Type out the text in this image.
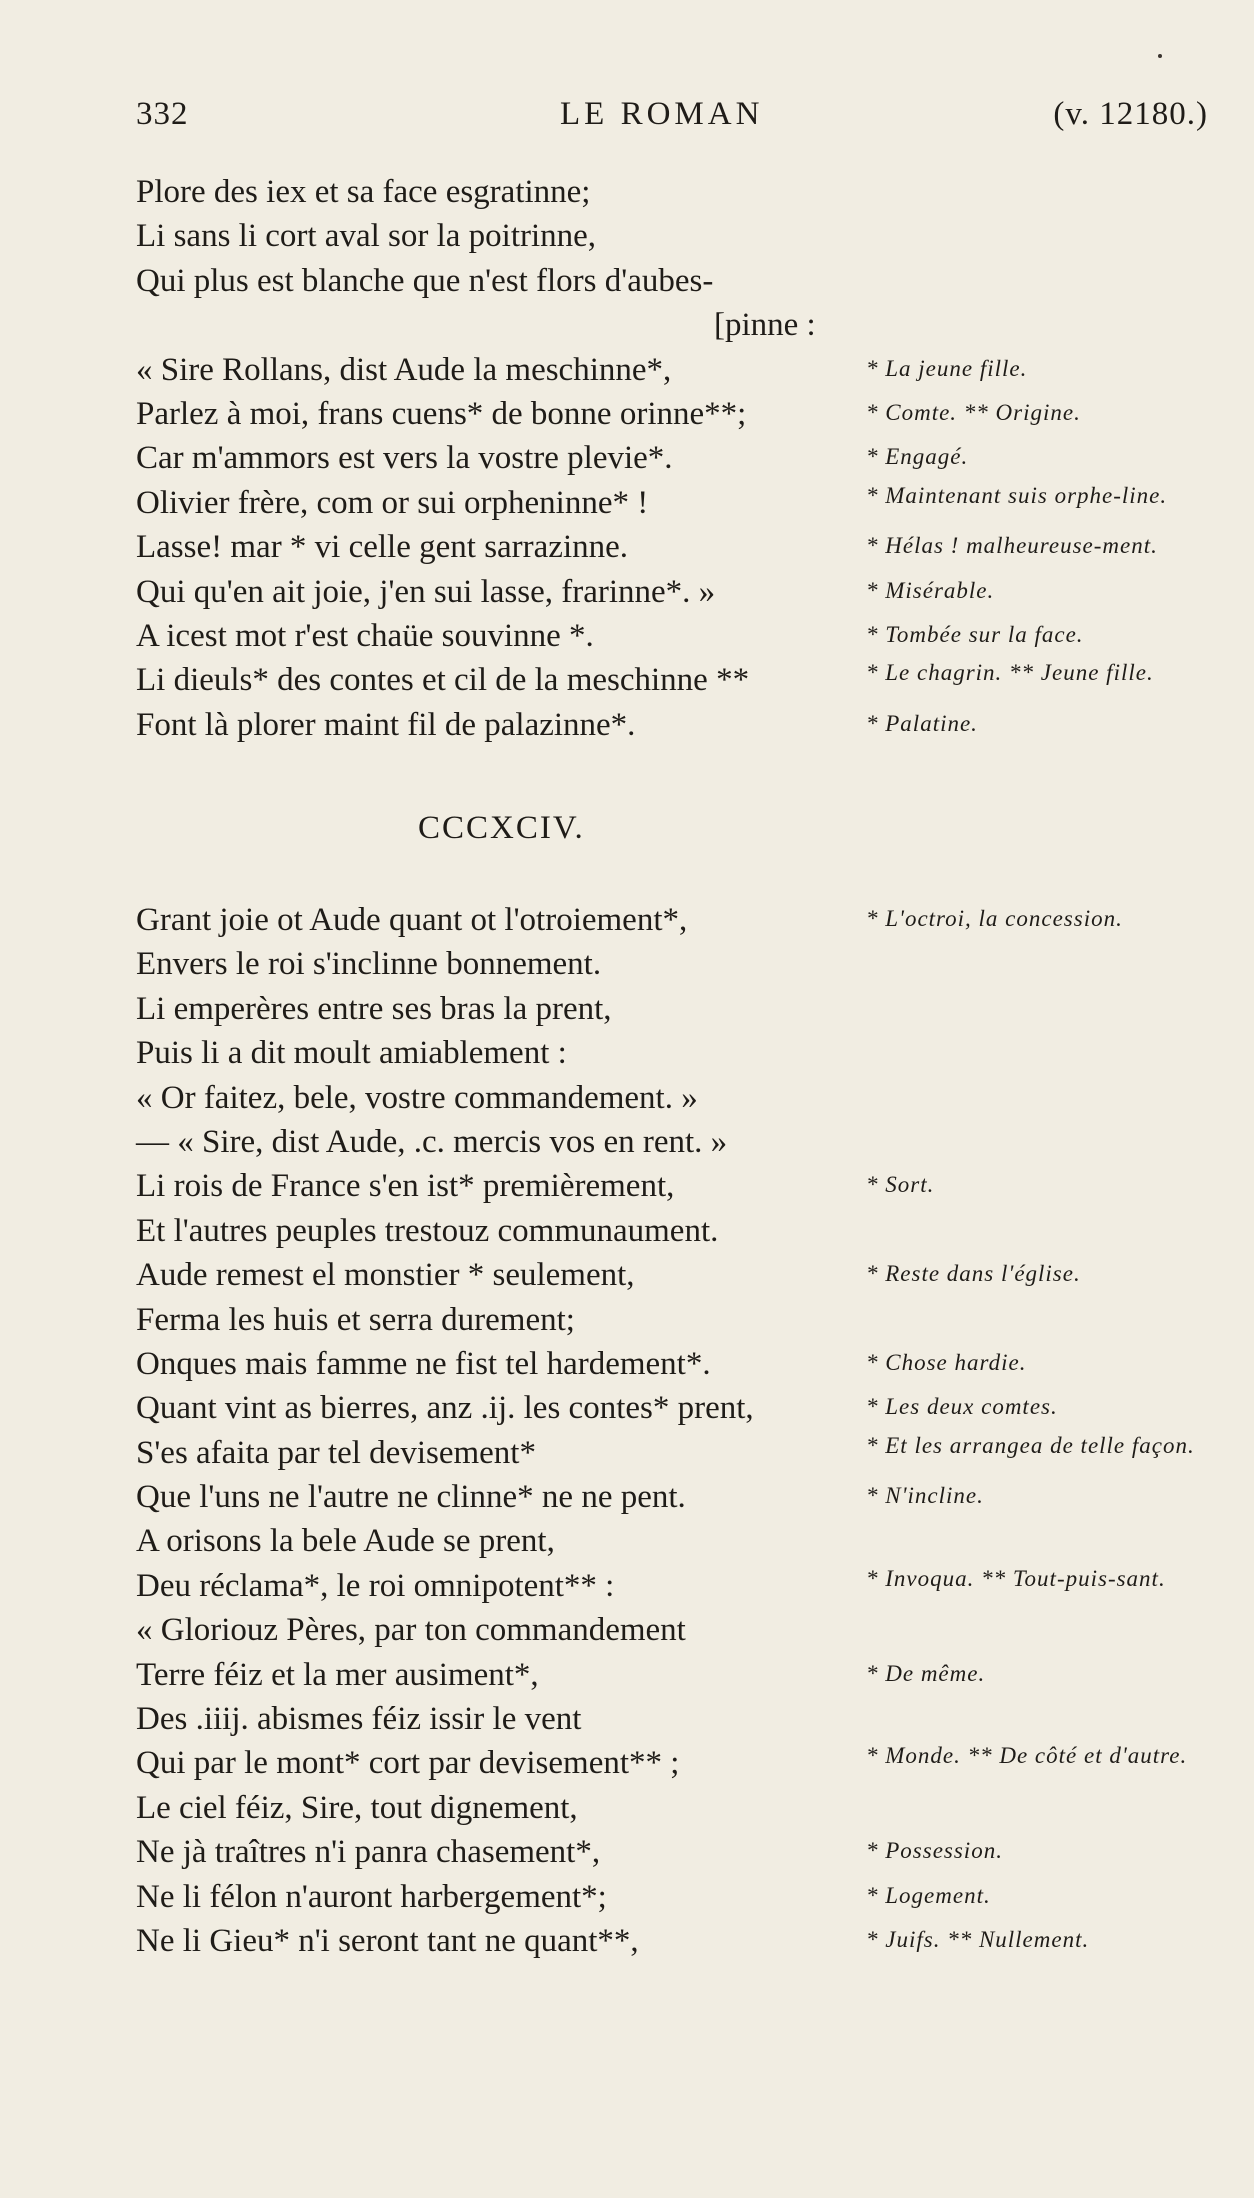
332	LE ROMAN	(v. 12180.)
Plore des iex et sa face esgratinne;
Li sans li cort aval sor la poitrinne,
Qui plus est blanche que n'est flors d'aubes-
[pinne :
« Sire Rollans, dist Aude la meschinne*,	* La jeune fille.
Parlez à moi, frans cuens* de bonne orinne**;	* Comte. ** Origine.
Car m'ammors est vers la vostre plevie*.	* Engagé.
Olivier frère, com or sui orpheninne* !	* Maintenant suis orphe-line.
Lasse! mar * vi celle gent sarrazinne.	* Hélas ! malheureuse-ment.
Qui qu'en ait joie, j'en sui lasse, frarinne*. »	* Misérable.
A icest mot r'est chaüe souvinne *.	* Tombée sur la face.
Li dieuls* des contes et cil de la meschinne **	* Le chagrin. ** Jeune fille.
Font là plorer maint fil de palazinne*.	* Palatine.
CCCXCIV.
Grant joie ot Aude quant ot l'otroiement*,	* L'octroi, la concession.
Envers le roi s'inclinne bonnement.
Li emperères entre ses bras la prent,
Puis li a dit moult amiablement :
« Or faitez, bele, vostre commandement. »
— « Sire, dist Aude, .c. mercis vos en rent. »
Li rois de France s'en ist* premièrement,	* Sort.
Et l'autres peuples trestouz communaument.
Aude remest el monstier * seulement,	* Reste dans l'église.
Ferma les huis et serra durement;
Onques mais famme ne fist tel hardement*.	* Chose hardie.
Quant vint as bierres, anz .ij. les contes* prent,	* Les deux comtes.
S'es afaita par tel devisement*	* Et les arrangea de telle façon.
Que l'uns ne l'autre ne clinne* ne ne pent.	* N'incline.
A orisons la bele Aude se prent,
Deu réclama*, le roi omnipotent** :	* Invoqua. ** Tout-puis-sant.
« Gloriouz Pères, par ton commandement
Terre féiz et la mer ausiment*,	* De même.
Des .iiij. abismes féiz issir le vent
Qui par le mont* cort par devisement** ;	* Monde. ** De côté et d'autre.
Le ciel féiz, Sire, tout dignement,
Ne jà traîtres n'i panra chasement*,	* Possession.
Ne li félon n'auront harbergement*;	* Logement.
Ne li Gieu* n'i seront tant ne quant**,	* Juifs. ** Nullement.
